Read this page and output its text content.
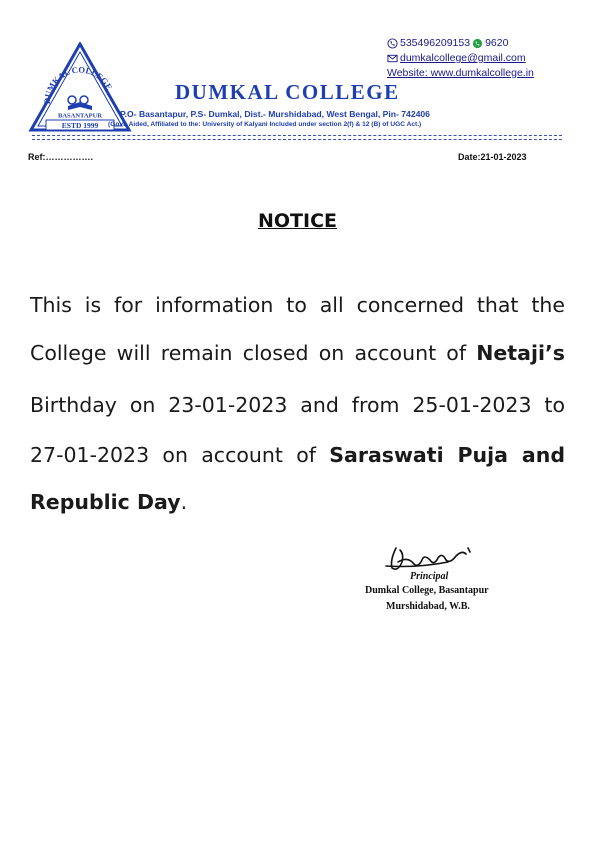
DUMKAL COLLEGE
BASANTAPUR
ESTD 1999
535496209153 9620
dumkalcollege@gmail.com
Website: www.dumkalcollege.in
DUMKAL COLLEGE
P.O- Basantapur, P.S- Dumkal, Dist.- Murshidabad, West Bengal, Pin- 742406
(Govt. Aided, Affiliated to the: University of Kalyani Included under section 2(f) & 12 (B) of UGC Act.)
Ref:…………….	Date:21-01-2023
NOTICE
This is for information to all concerned that the
College will remain closed on account of Netaji’s
Birthday on 23-01-2023 and from 25-01-2023 to
27-01-2023 on account of Saraswati Puja and
Republic Day.
Principal
Dumkal College, Basantapur
Murshidabad, W.B.
